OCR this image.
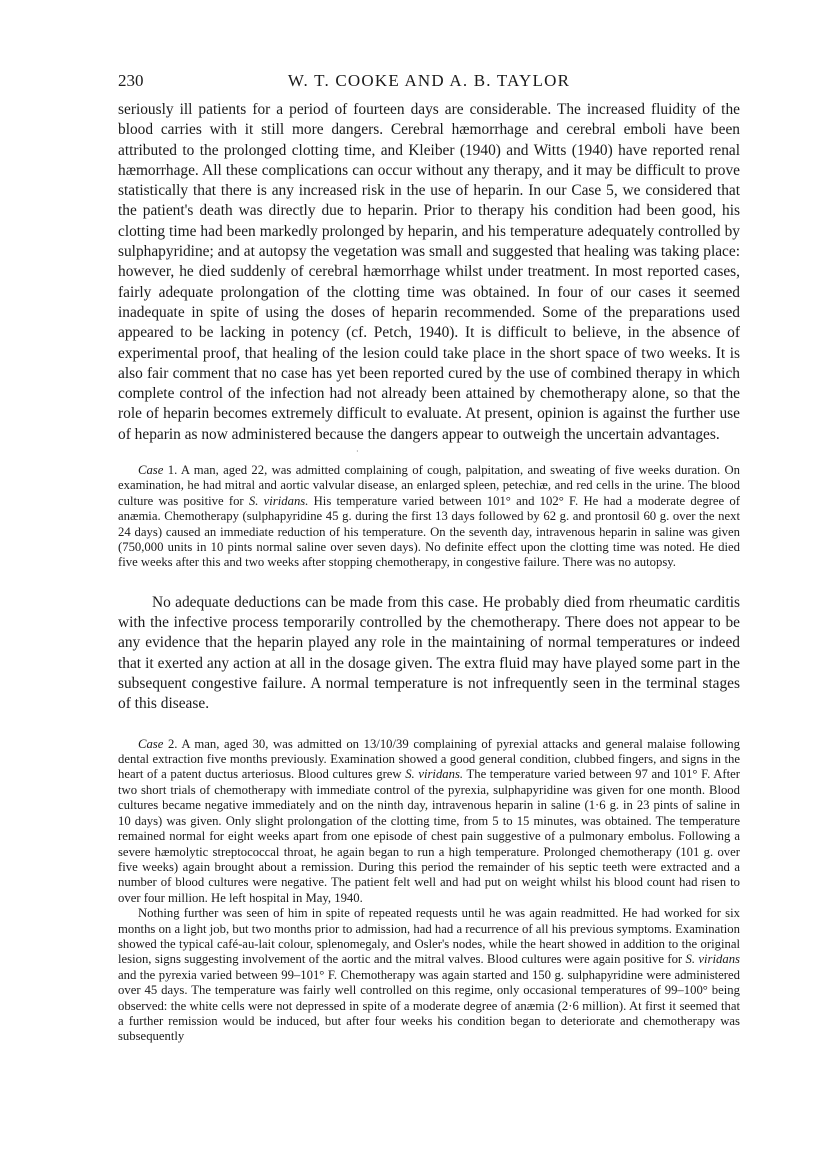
230	W. T. COOKE AND A. B. TAYLOR

seriously ill patients for a period of fourteen days are considerable. The increased fluidity of the blood carries with it still more dangers. Cerebral hæmorrhage and cerebral emboli have been attributed to the prolonged clotting time, and Kleiber (1940) and Witts (1940) have reported renal hæmorrhage. All these complications can occur without any therapy, and it may be difficult to prove statistically that there is any increased risk in the use of heparin. In our Case 5, we considered that the patient's death was directly due to heparin. Prior to therapy his condition had been good, his clotting time had been markedly prolonged by heparin, and his temperature adequately controlled by sulphapyridine; and at autopsy the vegetation was small and suggested that healing was taking place: however, he died suddenly of cerebral hæmorrhage whilst under treatment. In most reported cases, fairly adequate prolongation of the clotting time was obtained. In four of our cases it seemed inadequate in spite of using the doses of heparin recommended. Some of the preparations used appeared to be lacking in potency (cf. Petch, 1940). It is difficult to believe, in the absence of experimental proof, that healing of the lesion could take place in the short space of two weeks. It is also fair comment that no case has yet been reported cured by the use of combined therapy in which complete control of the infection had not already been attained by chemotherapy alone, so that the role of heparin becomes extremely difficult to evaluate. At present, opinion is against the further use of heparin as now administered because the dangers appear to outweigh the uncertain advantages.

·

Case 1. A man, aged 22, was admitted complaining of cough, palpitation, and sweating of five weeks duration. On examination, he had mitral and aortic valvular disease, an enlarged spleen, petechiæ, and red cells in the urine. The blood culture was positive for S. viridans. His temperature varied between 101° and 102° F. He had a moderate degree of anæmia. Chemotherapy (sulphapyridine 45 g. during the first 13 days followed by 62 g. and prontosil 60 g. over the next 24 days) caused an immediate reduction of his temperature. On the seventh day, intravenous heparin in saline was given (750,000 units in 10 pints normal saline over seven days). No definite effect upon the clotting time was noted. He died five weeks after this and two weeks after stopping chemotherapy, in congestive failure. There was no autopsy.

No adequate deductions can be made from this case. He probably died from rheumatic carditis with the infective process temporarily controlled by the chemotherapy. There does not appear to be any evidence that the heparin played any role in the maintaining of normal temperatures or indeed that it exerted any action at all in the dosage given. The extra fluid may have played some part in the subsequent congestive failure. A normal temperature is not infrequently seen in the terminal stages of this disease.

Case 2. A man, aged 30, was admitted on 13/10/39 complaining of pyrexial attacks and general malaise following dental extraction five months previously. Examination showed a good general condition, clubbed fingers, and signs in the heart of a patent ductus arteriosus. Blood cultures grew S. viridans. The temperature varied between 97 and 101° F. After two short trials of chemotherapy with immediate control of the pyrexia, sulphapyridine was given for one month. Blood cultures became negative immediately and on the ninth day, intravenous heparin in saline (1·6 g. in 23 pints of saline in 10 days) was given. Only slight prolongation of the clotting time, from 5 to 15 minutes, was obtained. The temperature remained normal for eight weeks apart from one episode of chest pain suggestive of a pulmonary embolus. Following a severe hæmolytic streptococcal throat, he again began to run a high temperature. Prolonged chemotherapy (101 g. over five weeks) again brought about a remission. During this period the remainder of his septic teeth were extracted and a number of blood cultures were negative. The patient felt well and had put on weight whilst his blood count had risen to over four million. He left hospital in May, 1940.

Nothing further was seen of him in spite of repeated requests until he was again readmitted. He had worked for six months on a light job, but two months prior to admission, had had a recurrence of all his previous symptoms. Examination showed the typical café-au-lait colour, splenomegaly, and Osler's nodes, while the heart showed in addition to the original lesion, signs suggesting involvement of the aortic and the mitral valves. Blood cultures were again positive for S. viridans and the pyrexia varied between 99–101° F. Chemotherapy was again started and 150 g. sulphapyridine were administered over 45 days. The temperature was fairly well controlled on this regime, only occasional temperatures of 99–100° being observed: the white cells were not depressed in spite of a moderate degree of anæmia (2·6 million). At first it seemed that a further remission would be induced, but after four weeks his condition began to deteriorate and chemotherapy was subsequently
